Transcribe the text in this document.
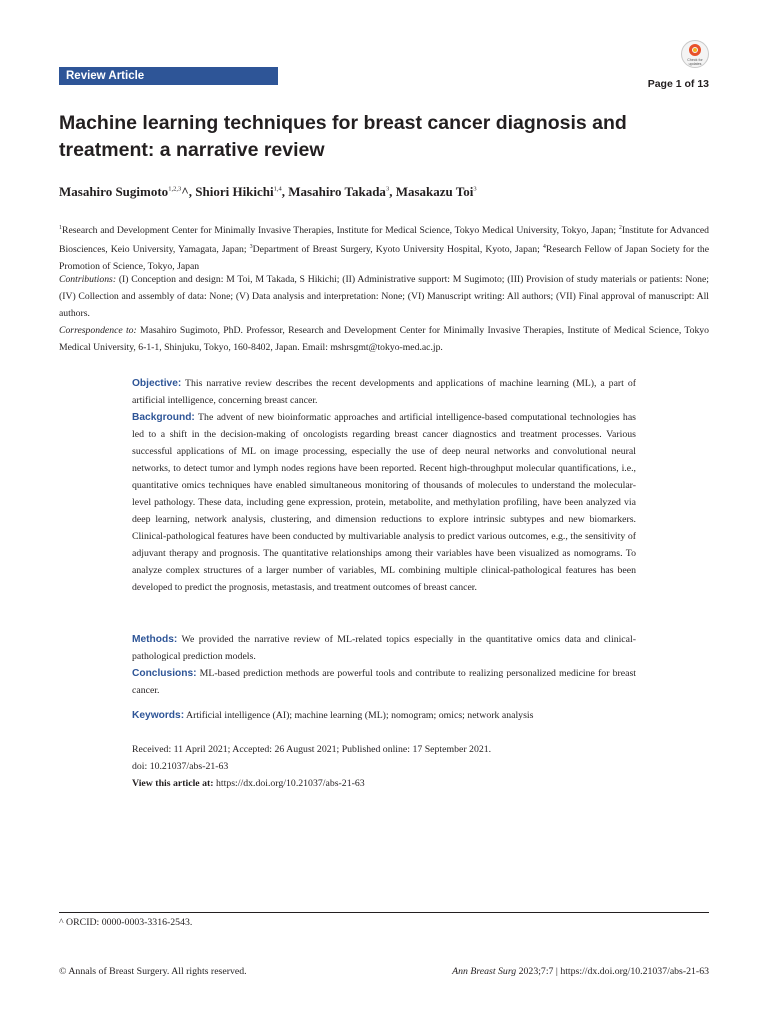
Review Article
Check for updates
Page 1 of 13
Machine learning techniques for breast cancer diagnosis and treatment: a narrative review
Masahiro Sugimoto$^{1,2,3}$^, Shiori Hikichi$^{1,4}$, Masahiro Takada$^3$, Masakazu Toi$^3$
$^1$Research and Development Center for Minimally Invasive Therapies, Institute for Medical Science, Tokyo Medical University, Tokyo, Japan; $^2$Institute for Advanced Biosciences, Keio University, Yamagata, Japan; $^3$Department of Breast Surgery, Kyoto University Hospital, Kyoto, Japan; $^4$Research Fellow of Japan Society for the Promotion of Science, Tokyo, Japan
Contributions: (I) Conception and design: M Toi, M Takada, S Hikichi; (II) Administrative support: M Sugimoto; (III) Provision of study materials or patients: None; (IV) Collection and assembly of data: None; (V) Data analysis and interpretation: None; (VI) Manuscript writing: All authors; (VII) Final approval of manuscript: All authors.
Correspondence to: Masahiro Sugimoto, PhD. Professor, Research and Development Center for Minimally Invasive Therapies, Institute of Medical Science, Tokyo Medical University, 6-1-1, Shinjuku, Tokyo, 160-8402, Japan. Email: mshrsgmt@tokyo-med.ac.jp.
Objective: This narrative review describes the recent developments and applications of machine learning (ML), a part of artificial intelligence, concerning breast cancer.
Background: The advent of new bioinformatic approaches and artificial intelligence-based computational technologies has led to a shift in the decision-making of oncologists regarding breast cancer diagnostics and treatment processes. Various successful applications of ML on image processing, especially the use of deep neural networks and convolutional neural networks, to detect tumor and lymph nodes regions have been reported. Recent high-throughput molecular quantifications, i.e., quantitative omics techniques have enabled simultaneous monitoring of thousands of molecules to understand the molecular-level pathology. These data, including gene expression, protein, metabolite, and methylation profiling, have been analyzed via deep learning, network analysis, clustering, and dimension reductions to explore intrinsic subtypes and new biomarkers. Clinical-pathological features have been conducted by multivariable analysis to predict various outcomes, e.g., the sensitivity of adjuvant therapy and prognosis. The quantitative relationships among their variables have been visualized as nomograms. To analyze complex structures of a larger number of variables, ML combining multiple clinical-pathological features has been developed to predict the prognosis, metastasis, and treatment outcomes of breast cancer.
Methods: We provided the narrative review of ML-related topics especially in the quantitative omics data and clinical-pathological prediction models.
Conclusions: ML-based prediction methods are powerful tools and contribute to realizing personalized medicine for breast cancer.
Keywords: Artificial intelligence (AI); machine learning (ML); nomogram; omics; network analysis
Received: 11 April 2021; Accepted: 26 August 2021; Published online: 17 September 2021.
doi: 10.21037/abs-21-63
View this article at: https://dx.doi.org/10.21037/abs-21-63
^ ORCID: 0000-0003-3316-2543.
© Annals of Breast Surgery. All rights reserved.	Ann Breast Surg 2023;7:7 | https://dx.doi.org/10.21037/abs-21-63
